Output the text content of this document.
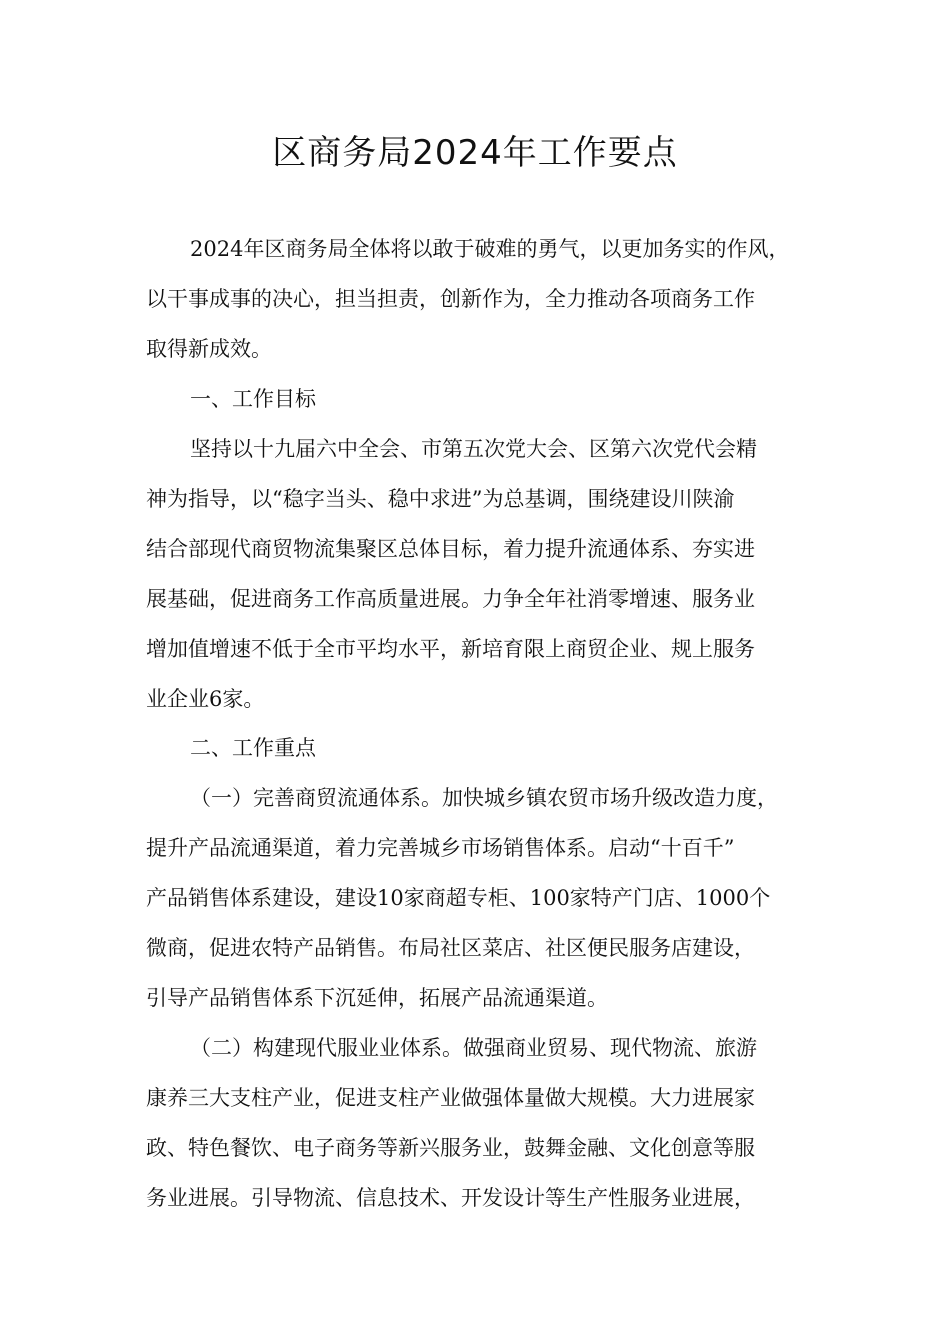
区商务局2024年工作要点
2024年区商务局全体将以敢于破难的勇气，以更加务实的作风，
以干事成事的决心，担当担责，创新作为，全力推动各项商务工作
取得新成效。
一、工作目标
坚持以十九届六中全会、市第五次党大会、区第六次党代会精
神为指导，以“稳字当头、稳中求进”为总基调，围绕建设川陕渝
结合部现代商贸物流集聚区总体目标，着力提升流通体系、夯实进
展基础，促进商务工作高质量进展。力争全年社消零增速、服务业
增加值增速不低于全市平均水平，新培育限上商贸企业、规上服务
业企业6家。
二、工作重点
（一）完善商贸流通体系。加快城乡镇农贸市场升级改造力度，
提升产品流通渠道，着力完善城乡市场销售体系。启动“十百千”
产品销售体系建设，建设10家商超专柜、100家特产门店、1000个
微商，促进农特产品销售。布局社区菜店、社区便民服务店建设，
引导产品销售体系下沉延伸，拓展产品流通渠道。
（二）构建现代服业业体系。做强商业贸易、现代物流、旅游
康养三大支柱产业，促进支柱产业做强体量做大规模。大力进展家
政、特色餐饮、电子商务等新兴服务业，鼓舞金融、文化创意等服
务业进展。引导物流、信息技术、开发设计等生产性服务业进展，
